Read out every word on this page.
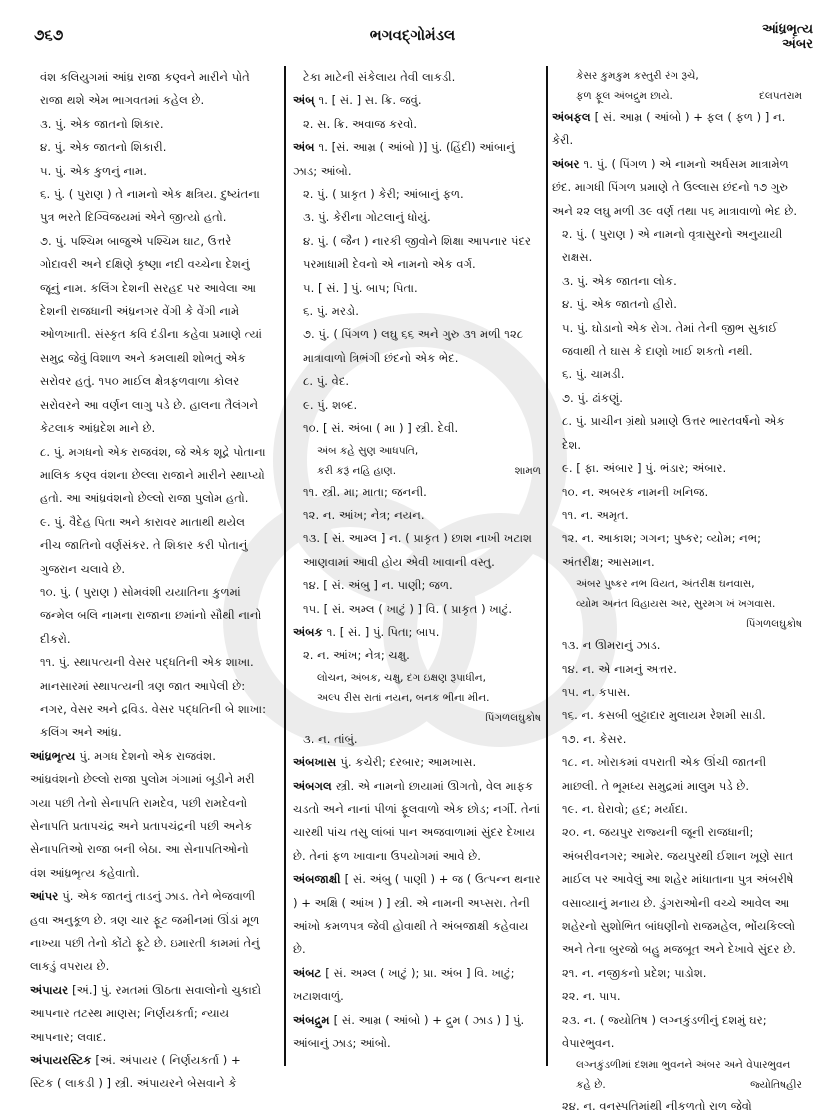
૭૬૭	ભગવદ્ગોમંડલ	આંધ્રભૃત્ય
અંબર
વંશ કલિયુગમાં આંધ્ર રાજા કણ્વને મારીને પોતે રાજા થશે એમ ભાગવતમાં કહેલ છે.
૩. પું. એક જાતનો શિકાર.
૪. પું. એક જાતનો શિકારી.
૫. પું. એક કુળનું નામ.
૬. પું. ( પુરાણ ) તે નામનો એક ક્ષત્રિય. દુષ્યંતના પુત્ર ભરતે દિગ્વિજયમાં એને જીત્યો હતો.
૭. પું. પશ્ચિમ બાજુએ પશ્ચિમ ઘાટ, ઉત્તરે ગોદાવરી અને દક્ષિણે કૃષ્ણા નદી વચ્ચેના દેશનું જૂનું નામ. કલિંગ દેશની સરહદ પર આવેલા આ દેશની રાજધાની અંધ્રનગર વેંગી કે વેંગી નામે ઓળખાતી. સંસ્કૃત કવિ દંડીના કહેવા પ્રમાણે ત્યાં સમુદ્ર જેવું વિશાળ અને કમલાથી શોભતું એક સરોવર હતું. ૧૫૦ માઈલ ક્ષેત્રફળવાળા કોલર સરોવરને આ વર્ણન લાગુ પડે છે. હાલના તૈલંગને કેટલાક આંધ્રદેશ માને છે.
૮. પું. મગધનો એક રાજવંશ, જે એક શૂદ્રે પોતાના માલિક કણ્વ વંશના છેલ્લા રાજાને મારીને સ્થાપ્યો હતો. આ આંધ્રવંશનો છેલ્લો રાજા પુલોમ હતો.
૯. પું. વૈદેહ પિતા અને કારાવર માતાથી થયેલ નીચ જાતિનો વર્ણસંકર. તે શિકાર કરી પોતાનું ગુજરાન ચલાવે છે.
૧૦. પું. ( પુરાણ ) સોમવંશી યયાતિના કુળમાં જન્મેલ બલિ નામના રાજાના છમાંનો સૌથી નાનો દીકરો.
૧૧. પું. સ્થાપત્યની વેસર પદ્ધતિની એક શાખા. માનસારમાં સ્થાપત્યની ત્રણ જાત આપેલી છે: નગર, વેસર અને દ્રવિડ. વેસર પદ્ધતિની બે શાખા: કલિંગ અને આંધ્ર.
આંધ્રભૃત્ય પું. મગધ દેશનો એક રાજવંશ. આંધ્રવંશનો છેલ્લો રાજા પુલોમ ગંગામાં બૂડીને મરી ગયા પછી તેનો સેનાપતિ રામદેવ, પછી રામદેવનો સેનાપતિ પ્રતાપચંદ્ર અને પ્રતાપચંદ્રની પછી અનેક સેનાપતિઓ રાજા બની બેઠા. આ સેનાપતિઓનો વંશ આંધ્રભૃત્ય કહેવાતો.
આંપર પું. એક જાતનું તાડનું ઝાડ. તેને ભેજવાળી હવા અનુકૂળ છે. ત્રણ ચાર ફૂટ જમીનમાં ઊંડાં મૂળ નાખ્યા પછી તેનો કોંટો ફૂટે છે. ઇમારતી કામમાં તેનું લાકડું વપરાય છે.
અંપાયર [અં.] પું. રમતમાં ઊઠતા સવાલોનો ચુકાદો આપનાર તટસ્થ માણસ; નિર્ણયકર્તા; ન્યાય આપનાર; લવાદ.
અંપાયરસ્ટિક [અં. અંપાયર ( નિર્ણયકર્તા ) + સ્ટિક ( લાકડી ) ] સ્ત્રી. અંપાયરને બેસવાને કે
ટેકા માટેની સંકેલાય તેવી લાકડી.
અંબ્ ૧. [ સં. ] સ. ક્રિ. જવું.
૨. સ. ક્રિ. અવાજ કરવો.
અંબ ૧. [સં. આમ્ર ( આંબો )] પું. (હિંદી) આંબાનું ઝાડ; આંબો.
૨. પું. ( પ્રાકૃત ) કેરી; આંબાનું ફળ.
૩. પું. કેરીના ગોટલાનું ધોયું.
૪. પું. ( જૈન ) નારકી જીવોને શિક્ષા આપનાર પંદર પરમાધામી દેવનો એ નામનો એક વર્ગ.
૫. [ સં. ] પું. બાપ; પિતા.
૬. પું. મરડો.
૭. પું. ( પિંગળ ) લઘુ ૬૬ અને ગુરુ ૩૧ મળી ૧૨૮ માત્રાવાળો ત્રિભંગી છંદનો એક ભેદ.
૮. પું. વેદ.
૯. પું. શબ્દ.
૧૦. [ સં. અંબા ( મા ) ] સ્ત્રી. દેવી.
અંબ કહે સુણ આધપતિ,
કરી કરૂં નહિ હાણ.	શામળ
૧૧. સ્ત્રી. મા; માતા; જનની.
૧૨. ન. આંખ; નેત્ર; નયન.
૧૩. [ સં. આમ્લ ] ન. ( પ્રાકૃત ) છાશ નાખી ખટાશ આણવામાં આવી હોય એવી ખાવાની વસ્તુ.
૧૪. [ સં. અંબુ ] ન. પાણી; જળ.
૧૫. [ સં. અમ્લ ( ખાટું ) ] વિ. ( પ્રાકૃત ) ખાટું.
અંબક ૧. [ સં. ] પું. પિતા; બાપ.
૨. ન. આંખ; નેત્ર; ચક્ષુ.
લોચન, અંબક, ચક્ષુ, દગ ઇક્ષણ રૂપાધીન,
અલ્પ રીસ રાતાં નયન, બનક ભીના મીન.
પિંગળલઘુકોષ
૩. ન. તાંબું.
અંબખાસ પું. કચેરી; દરબાર; આમખાસ.
અંબગલ સ્ત્રી. એ નામનો છાયામાં ઊગતો, વેલ માફક ચડતો અને નાનાં પીળાં ફૂલવાળો એક છોડ; નર્ગી. તેનાં ચારથી પાંચ તસુ લાંબાં પાન અજવાળામાં સુંદર દેખાય છે. તેનાં ફળ ખાવાના ઉપયોગમાં આવે છે.
અંબજાક્ષી [ સં. અંબુ ( પાણી ) + જ ( ઉત્પન્ન થનાર ) + અક્ષિ ( આંખ ) ] સ્ત્રી. એ નામની અપ્સરા. તેની આંખો કમળપત્ર જેવી હોવાથી તે અંબજાક્ષી કહેવાય છે.
અંબટ [ સં. અમ્લ ( ખાટું ); પ્રા. અંબ ] વિ. ખાટું; ખટાશવાળું.
અંબદ્રુમ [ સં. આમ્ર ( આંબો ) + દ્રુમ ( ઝાડ ) ] પું. આંબાનું ઝાડ; આંબો.
કેસર કુમકુમ કસ્તુરી રંગ રૂચે,
ફળ ફૂલ અંબદ્રુમ છાયે.	દલપતરામ
અંબફલ [ સં. આમ્ર ( આંબો ) + ફલ ( ફળ ) ] ન. કેરી.
અંબર ૧. પું. ( પિંગળ ) એ નામનો અર્ધસમ માત્રામેળ છંદ. માગધી પિંગળ પ્રમાણે તે ઉલ્લાસ છંદનો ૧૭ ગુરુ અને ૨૨ લઘુ મળી ૩૯ વર્ણ તથા ૫૬ માત્રાવાળો ભેદ છે.
૨. પું. ( પુરાણ ) એ નામનો વૃત્રાસુરનો અનુયાયી રાક્ષસ.
૩. પું. એક જાતના લોક.
૪. પું. એક જાતનો હીરો.
૫. પું. ઘોડાનો એક રોગ. તેમાં તેની જીભ સુકાઈ જવાથી તે ઘાસ કે દાણો ખાઈ શકતો નથી.
૬. પું. ચામડી.
૭. પું. ઢાંકણું.
૮. પું. પ્રાચીન ગ્રંથો પ્રમાણે ઉત્તર ભારતવર્ષનો એક દેશ.
૯. [ ફા. અંબાર ] પું. ભંડાર; અંબાર.
૧૦. ન. અબરક નામની ખનિજ.
૧૧. ન. અમૃત.
૧૨. ન. આકાશ; ગગન; પુષ્કર; વ્યોમ; નભ; અંતરીક્ષ; આસમાન.
અંબર પુષ્કર નભ વિયત, અંતરીક્ષ ઘનવાસ,
વ્યોમ અનંત વિહાયસ અર, સુરમગ ખં ખગવાસ.
પિંગળલઘુકોષ
૧૩. ન ઊમરાનું ઝાડ.
૧૪. ન. એ નામનું અત્તર.
૧૫. ન. કપાસ.
૧૬. ન. કસબી બુટ્ટાદાર મુલાયમ રેશમી સાડી.
૧૭. ન. કેસર.
૧૮. ન. ખોરાકમાં વપરાતી એક ઊંચી જાતની માછલી. તે ભૂમધ્ય સમુદ્રમાં માલુમ પડે છે.
૧૯. ન. ઘેરાવો; હદ; મર્યાદા.
૨૦. ન. જયપુર રાજ્યની જૂની રાજધાની; અંબરીવનગર; આમેર. જયપુરથી ઈશાન ખૂણે સાત માઈલ પર આવેલું આ શહેર માંધાતાના પુત્ર અંબરીષે વસાવ્યાનું મનાય છે. ડુંગરાઓની વચ્ચે આવેલ આ શહેરનો સુશોભિત બાંધણીનો રાજમહેલ, ભોંયકિલ્લો અને તેના બુરજો બહુ મજબૂત અને દેખાવે સુંદર છે.
૨૧. ન. નજીકનો પ્રદેશ; પાડોશ.
૨૨. ન. પાપ.
૨૩. ન. ( જ્યોતિષ ) લગ્નકુંડળીનું દશમું ઘર; વેપારભુવન.
લગ્નકુંડળીમાં દશમા ભુવનને અંબર અને વેપારભુવન કહે છે.	જ્યોતિષહીર
૨૪. ન. વનસ્પતિમાંથી નીકળતો રાળ જેવો
